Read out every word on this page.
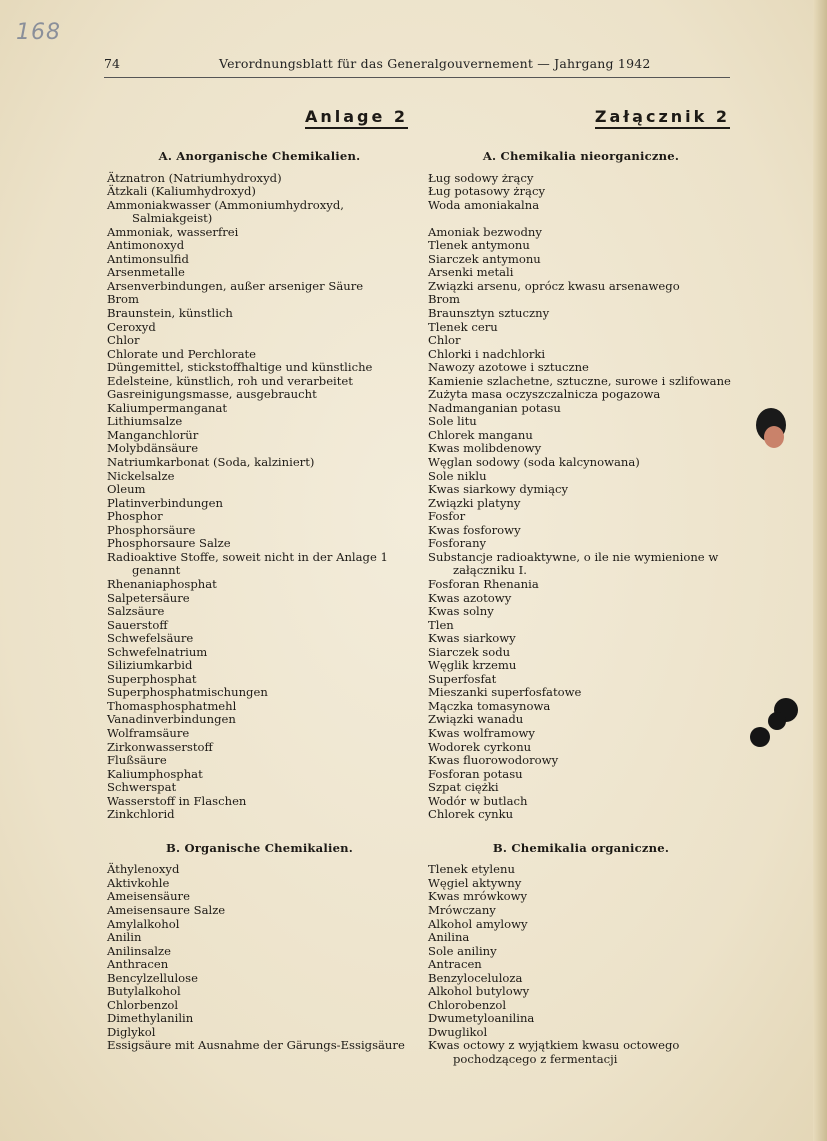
168
74	Verordnungsblatt für das Generalgouvernement — Jahrgang 1942
Anlage 2
A. Anorganische Chemikalien.
Ätznatron (Natriumhydroxyd)
Ätzkali (Kaliumhydroxyd)
Ammoniakwasser (Ammoniumhydroxyd, Salmiakgeist)
Ammoniak, wasserfrei
Antimonoxyd
Antimonsulfid
Arsenmetalle
Arsenverbindungen, außer arseniger Säure
Brom
Braunstein, künstlich
Ceroxyd
Chlor
Chlorate und Perchlorate
Düngemittel, stickstoffhaltige und künstliche
Edelsteine, künstlich, roh und verarbeitet
Gasreinigungsmasse, ausgebraucht
Kaliumpermanganat
Lithiumsalze
Manganchlorür
Molybdänsäure
Natriumkarbonat (Soda, kalziniert)
Nickelsalze
Oleum
Platinverbindungen
Phosphor
Phosphorsäure
Phosphorsaure Salze
Radioaktive Stoffe, soweit nicht in der Anlage 1 genannt
Rhenaniaphosphat
Salpetersäure
Salzsäure
Sauerstoff
Schwefelsäure
Schwefelnatrium
Siliziumkarbid
Superphosphat
Superphosphatmischungen
Thomasphosphatmehl
Vanadinverbindungen
Wolframsäure
Zirkonwasserstoff
Flußsäure
Kaliumphosphat
Schwerspat
Wasserstoff in Flaschen
Zinkchlorid
B. Organische Chemikalien.
Äthylenoxyd
Aktivkohle
Ameisensäure
Ameisensaure Salze
Amylalkohol
Anilin
Anilinsalze
Anthracen
Bencylzellulose
Butylalkohol
Chlorbenzol
Dimethylanilin
Diglykol
Essigsäure mit Ausnahme der Gärungs-Essigsäure
Załącznik 2
A. Chemikalia nieorganiczne.
Ług sodowy żrący
Ług potasowy żrący
Woda amoniakalna
Amoniak bezwodny
Tlenek antymonu
Siarczek antymonu
Arsenki metali
Związki arsenu, oprócz kwasu arsenawego
Brom
Braunsztyn sztuczny
Tlenek ceru
Chlor
Chlorki i nadchlorki
Nawozy azotowe i sztuczne
Kamienie szlachetne, sztuczne, surowe i szlifowane
Zużyta masa oczyszczalnicza pogazowa
Nadmanganian potasu
Sole litu
Chlorek manganu
Kwas molibdenowy
Węglan sodowy (soda kalcynowana)
Sole niklu
Kwas siarkowy dymiący
Związki platyny
Fosfor
Kwas fosforowy
Fosforany
Substancje radioaktywne, o ile nie wymienione w załączniku I.
Fosforan Rhenania
Kwas azotowy
Kwas solny
Tlen
Kwas siarkowy
Siarczek sodu
Węglik krzemu
Superfosfat
Mieszanki superfosfatowe
Mączka tomasynowa
Związki wanadu
Kwas wolframowy
Wodorek cyrkonu
Kwas fluorowodorowy
Fosforan potasu
Szpat ciężki
Wodór w butlach
Chlorek cynku
B. Chemikalia organiczne.
Tlenek etylenu
Węgiel aktywny
Kwas mrówkowy
Mrówczany
Alkohol amylowy
Anilina
Sole aniliny
Antracen
Benzyloceluloza
Alkohol butylowy
Chlorobenzol
Dwumetyloanilina
Dwuglikol
Kwas octowy z wyjątkiem kwasu octowego pochodzącego z fermentacji
